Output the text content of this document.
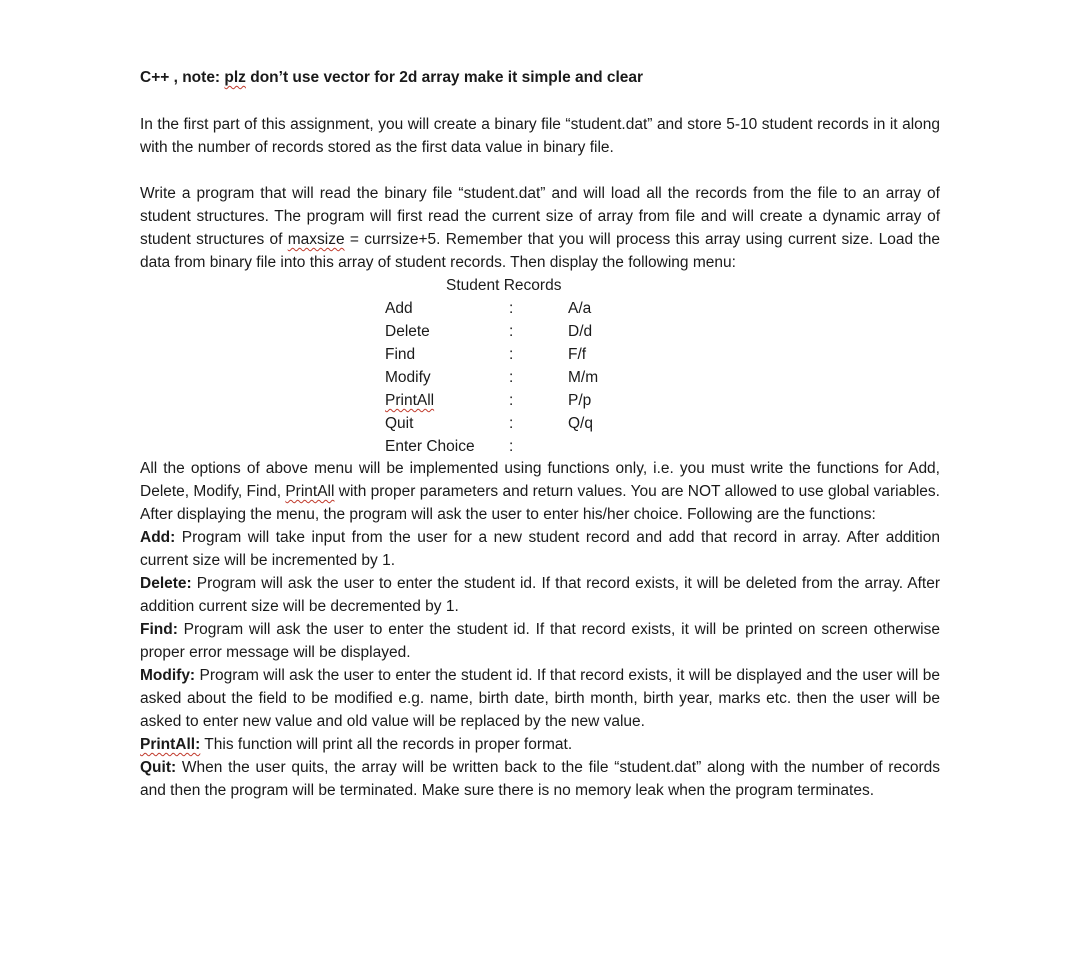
C++ , note: plz don’t use vector for 2d array make it simple and clear

In the first part of this assignment, you will create a binary file “student.dat” and store 5-10 student records in it along with the number of records stored as the first data value in binary file.

Write a program that will read the binary file “student.dat” and will load all the records from the file to an array of student structures. The program will first read the current size of array from file and will create a dynamic array of student structures of maxsize = currsize+5. Remember that you will process this array using current size. Load the data from binary file into this array of student records. Then display the following menu:

Student Records
Add	:	A/a
Delete	:	D/d
Find	:	F/f
Modify	:	M/m
PrintAll	:	P/p
Quit	:	Q/q
Enter Choice :

All the options of above menu will be implemented using functions only, i.e. you must write the functions for Add, Delete, Modify, Find, PrintAll with proper parameters and return values. You are NOT allowed to use global variables. After displaying the menu, the program will ask the user to enter his/her choice. Following are the functions:

Add: Program will take input from the user for a new student record and add that record in array. After addition current size will be incremented by 1.

Delete: Program will ask the user to enter the student id. If that record exists, it will be deleted from the array. After addition current size will be decremented by 1.

Find: Program will ask the user to enter the student id. If that record exists, it will be printed on screen otherwise proper error message will be displayed.

Modify: Program will ask the user to enter the student id. If that record exists, it will be displayed and the user will be asked about the field to be modified e.g. name, birth date, birth month, birth year, marks etc. then the user will be asked to enter new value and old value will be replaced by the new value.

PrintAll: This function will print all the records in proper format.

Quit: When the user quits, the array will be written back to the file “student.dat” along with the number of records and then the program will be terminated. Make sure there is no memory leak when the program terminates.
